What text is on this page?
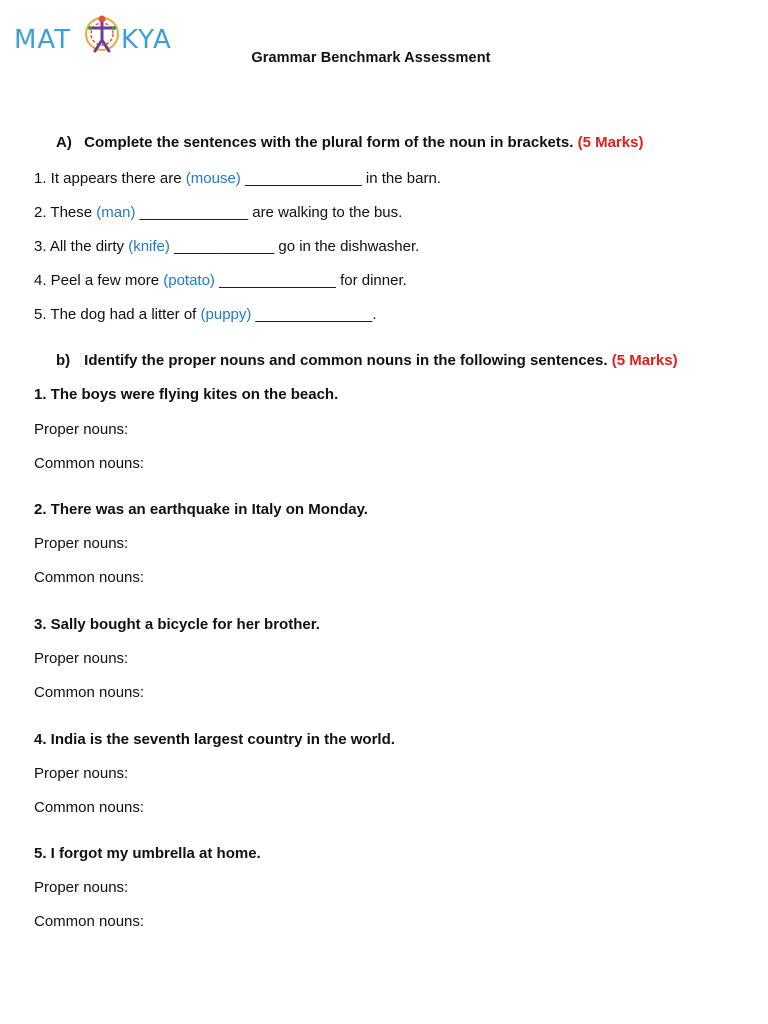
MAT KYA
Grammar Benchmark Assessment
A) Complete the sentences with the plural form of the noun in brackets. (5 Marks)
1. It appears there are (mouse) ______________ in the barn.
2. These (man) _____________ are walking to the bus.
3. All the dirty (knife) ____________ go in the dishwasher.
4. Peel a few more (potato) ______________ for dinner.
5. The dog had a litter of (puppy) ______________.
b) Identify the proper nouns and common nouns in the following sentences. (5 Marks)
1. The boys were flying kites on the beach.
Proper nouns:
Common nouns:
2. There was an earthquake in Italy on Monday.
Proper nouns:
Common nouns:
3. Sally bought a bicycle for her brother.
Proper nouns:
Common nouns:
4. India is the seventh largest country in the world.
Proper nouns:
Common nouns:
5. I forgot my umbrella at home.
Proper nouns:
Common nouns:
